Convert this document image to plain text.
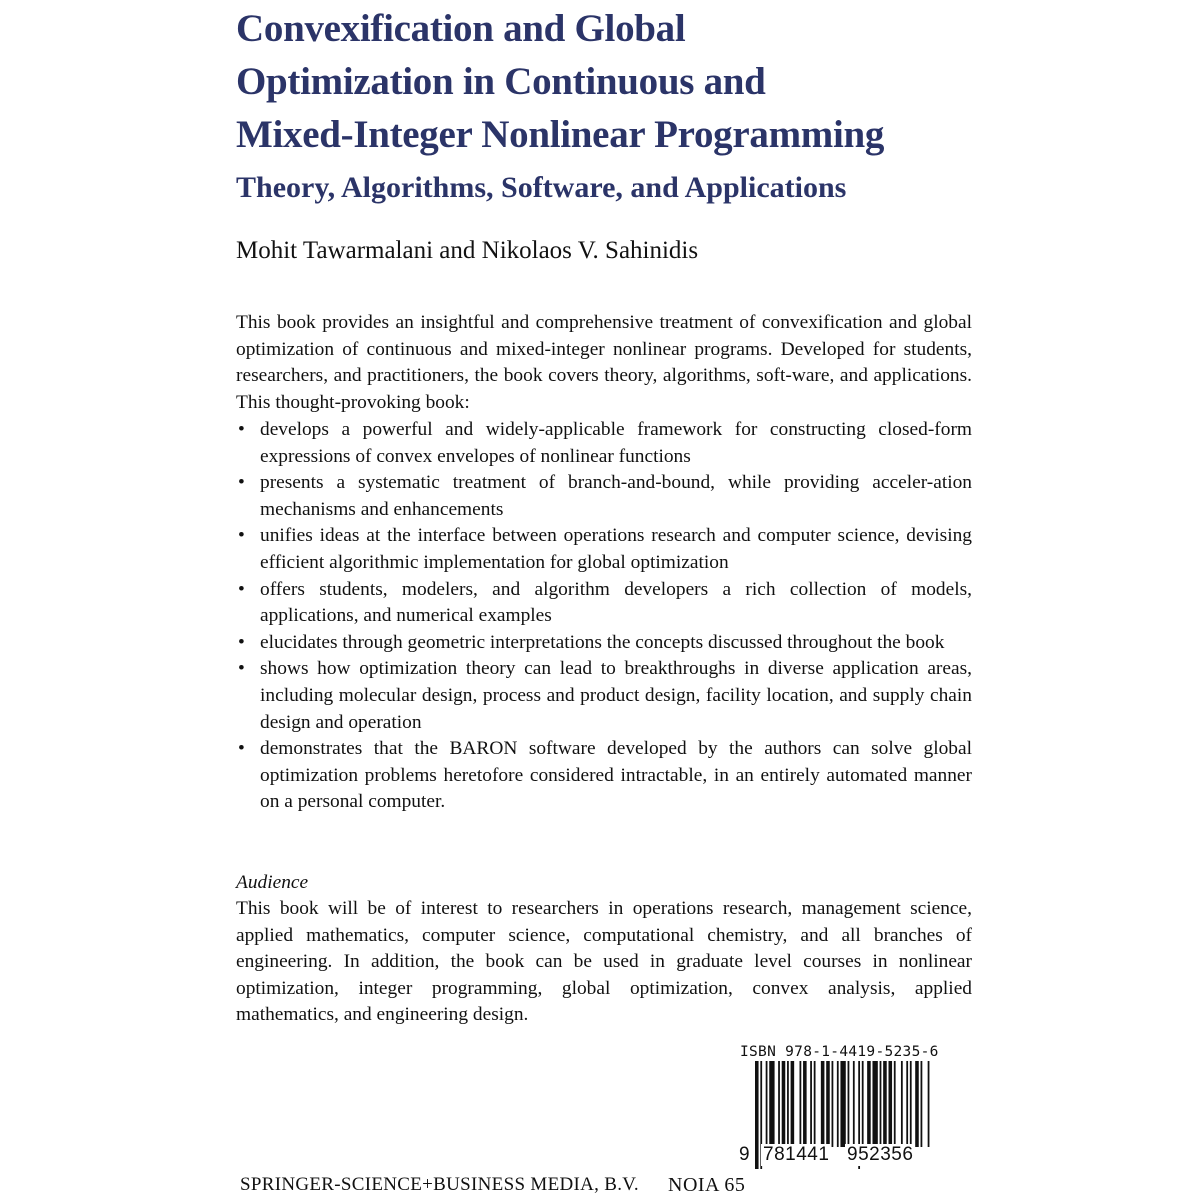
Convexification and Global
Optimization in Continuous and
Mixed-Integer Nonlinear Programming
Theory, Algorithms, Software, and Applications
Mohit Tawarmalani and Nikolaos V. Sahinidis
This book provides an insightful and comprehensive treatment of convexification and global optimization of continuous and mixed-integer nonlinear programs. Developed for students, researchers, and practitioners, the book covers theory, algorithms, soft-ware, and applications. This thought-provoking book:
• develops a powerful and widely-applicable framework for constructing closed-form expressions of convex envelopes of nonlinear functions
• presents a systematic treatment of branch-and-bound, while providing acceler-ation mechanisms and enhancements
• unifies ideas at the interface between operations research and computer science, devising efficient algorithmic implementation for global optimization
• offers students, modelers, and algorithm developers a rich collection of models, applications, and numerical examples
• elucidates through geometric interpretations the concepts discussed throughout the book
• shows how optimization theory can lead to breakthroughs in diverse application areas, including molecular design, process and product design, facility location, and supply chain design and operation
• demonstrates that the BARON software developed by the authors can solve global optimization problems heretofore considered intractable, in an entirely automated manner on a personal computer.
Audience
This book will be of interest to researchers in operations research, management science, applied mathematics, computer science, computational chemistry, and all branches of engineering. In addition, the book can be used in graduate level courses in nonlinear optimization, integer programming, global optimization, convex analysis, applied mathematics, and engineering design.
ISBN 978-1-4419-5235-6
9 781441 952356
SPRINGER-SCIENCE+BUSINESS MEDIA, B.V. NOIA 65
